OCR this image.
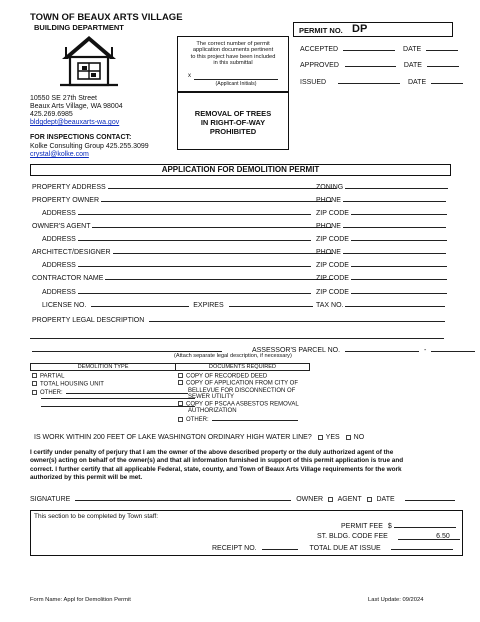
TOWN OF BEAUX ARTS VILLAGE
BUILDING DEPARTMENT
10550 SE 27th Street
Beaux Arts Village, WA 98004
425.269.6985
bldgdept@beauxarts-wa.gov
FOR INSPECTIONS CONTACT:
Kolke Consulting Group 425.255.3099
crystal@kolke.com
The correct number of permit
application documents pertinent
to this project have been included
in this submittal
x
(Applicant Initials)
REMOVAL OF TREES
IN RIGHT-OF-WAY
PROHIBITED
PERMIT NO. DP
ACCEPTED	DATE
APPROVED	DATE
ISSUED	DATE
APPLICATION FOR DEMOLITION PERMIT
PROPERTY ADDRESS	ZONING
PROPERTY OWNER	PHONE
ADDRESS	ZIP CODE
OWNER'S AGENT	PHONE
ADDRESS	ZIP CODE
ARCHITECT/DESIGNER	PHONE
ADDRESS	ZIP CODE
CONTRACTOR NAME	ZIP CODE
ADDRESS	ZIP CODE
LICENSE NO.	EXPIRES	TAX NO.
PROPERTY LEGAL DESCRIPTION
ASSESSOR'S PARCEL NO.	-
(Attach separate legal description, if necessary)
DEMOLITION TYPE	DOCUMENTS REQUIRED
PARTIAL
TOTAL HOUSING UNIT
OTHER:
COPY OF RECORDED DEED
COPY OF APPLICATION FROM CITY OF
BELLEVUE FOR DISCONNECTION OF
SEWER UTILITY
COPY OF PSCAA ASBESTOS REMOVAL
AUTHORIZATION
OTHER:
IS WORK WITHIN 200 FEET OF LAKE WASHINGTON ORDINARY HIGH WATER LINE? YES NO
I certify under penalty of perjury that I am the owner of the above described property or the duly authorized agent of the
owner(s) acting on behalf of the owner(s) and that all information furnished in support of this permit application is true and
correct. I further certify that all applicable Federal, state, county, and Town of Beaux Arts Village requirements for the work
authorized by this permit will be met.
SIGNATURE	OWNER AGENT DATE
This section to be completed by Town staff:
PERMIT FEE $
ST. BLDG. CODE FEE	6.50
RECEIPT NO.	TOTAL DUE AT ISSUE
Form Name: Appl for Demolition Permit	Last Update: 09/2024
